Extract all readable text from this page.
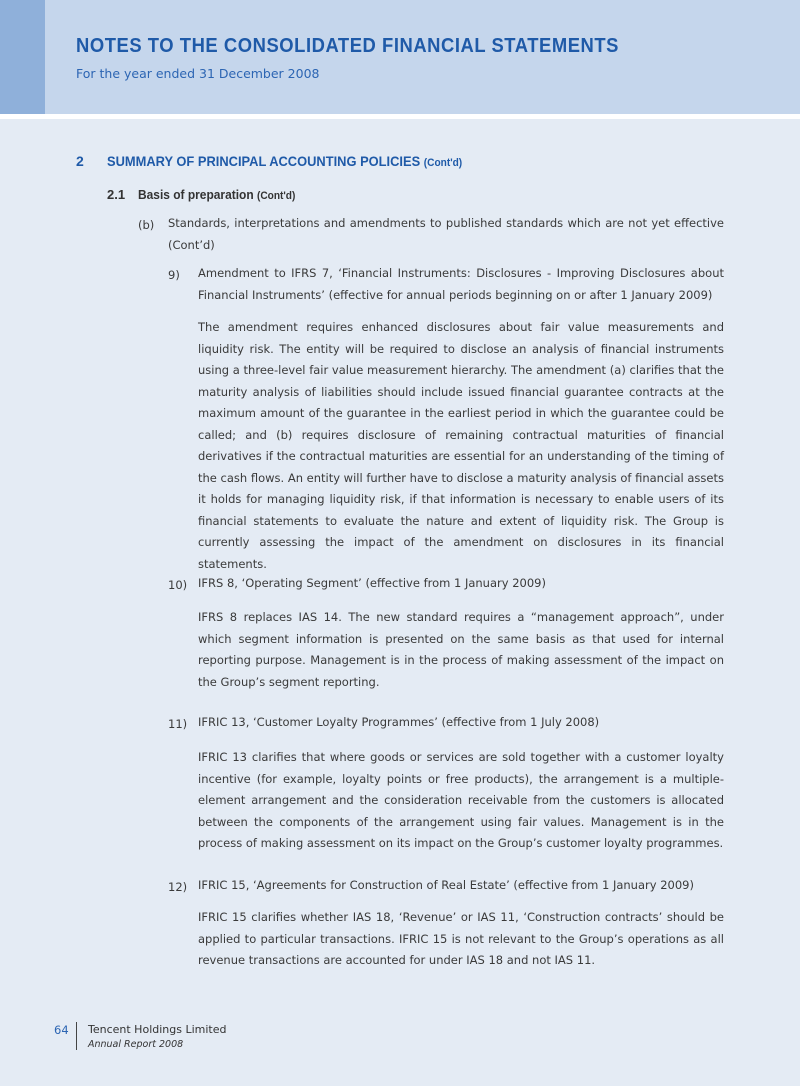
NOTES TO THE CONSOLIDATED FINANCIAL STATEMENTS
For the year ended 31 December 2008
2 SUMMARY OF PRINCIPAL ACCOUNTING POLICIES (Cont'd)
2.1 Basis of preparation (Cont'd)
(b) Standards, interpretations and amendments to published standards which are not yet effective (Cont’d)
9) Amendment to IFRS 7, ‘Financial Instruments: Disclosures - Improving Disclosures about Financial Instruments’ (effective for annual periods beginning on or after 1 January 2009)
The amendment requires enhanced disclosures about fair value measurements and liquidity risk. The entity will be required to disclose an analysis of financial instruments using a three-level fair value measurement hierarchy. The amendment (a) clarifies that the maturity analysis of liabilities should include issued financial guarantee contracts at the maximum amount of the guarantee in the earliest period in which the guarantee could be called; and (b) requires disclosure of remaining contractual maturities of financial derivatives if the contractual maturities are essential for an understanding of the timing of the cash flows. An entity will further have to disclose a maturity analysis of financial assets it holds for managing liquidity risk, if that information is necessary to enable users of its financial statements to evaluate the nature and extent of liquidity risk. The Group is currently assessing the impact of the amendment on disclosures in its financial statements.
10) IFRS 8, ‘Operating Segment’ (effective from 1 January 2009)
IFRS 8 replaces IAS 14. The new standard requires a “management approach”, under which segment information is presented on the same basis as that used for internal reporting purpose. Management is in the process of making assessment of the impact on the Group’s segment reporting.
11) IFRIC 13, ‘Customer Loyalty Programmes’ (effective from 1 July 2008)
IFRIC 13 clarifies that where goods or services are sold together with a customer loyalty incentive (for example, loyalty points or free products), the arrangement is a multiple-element arrangement and the consideration receivable from the customers is allocated between the components of the arrangement using fair values. Management is in the process of making assessment on its impact on the Group’s customer loyalty programmes.
12) IFRIC 15, ‘Agreements for Construction of Real Estate’ (effective from 1 January 2009)
IFRIC 15 clarifies whether IAS 18, ‘Revenue’ or IAS 11, ‘Construction contracts’ should be applied to particular transactions. IFRIC 15 is not relevant to the Group’s operations as all revenue transactions are accounted for under IAS 18 and not IAS 11.
64 Tencent Holdings Limited
Annual Report 2008
